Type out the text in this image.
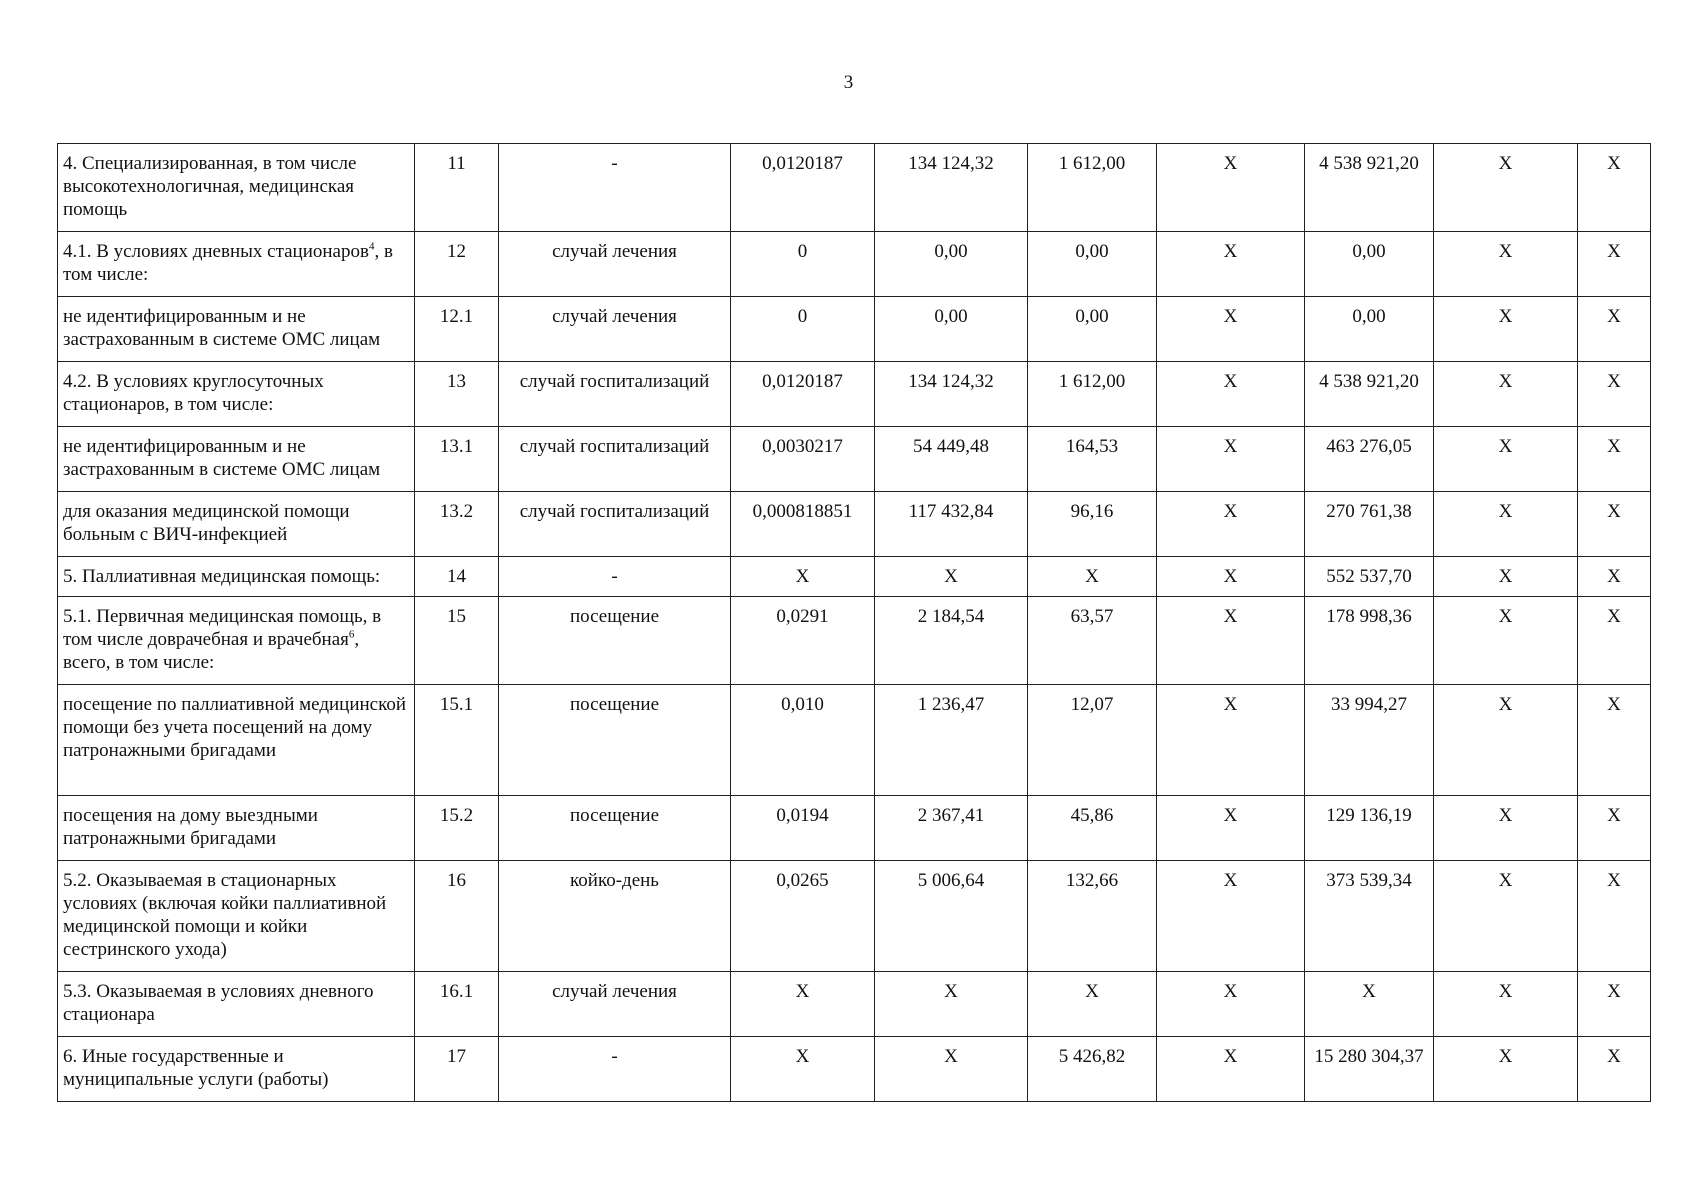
3
4. Специализированная, в том числе высокотехнологичная, медицинская помощь	11	-	0,0120187	134 124,32	1 612,00	X	4 538 921,20	X	X
4.1. В условиях дневных стационаров$^4$, в том числе:	12	случай лечения	0	0,00	0,00	X	0,00	X	X
не идентифицированным и не застрахованным в системе ОМС лицам	12.1	случай лечения	0	0,00	0,00	X	0,00	X	X
4.2. В условиях круглосуточных стационаров, в том числе:	13	случай госпитализаций	0,0120187	134 124,32	1 612,00	X	4 538 921,20	X	X
не идентифицированным и не застрахованным в системе ОМС лицам	13.1	случай госпитализаций	0,0030217	54 449,48	164,53	X	463 276,05	X	X
для оказания медицинской помощи больным с ВИЧ-инфекцией	13.2	случай госпитализаций	0,000818851	117 432,84	96,16	X	270 761,38	X	X
5. Паллиативная медицинская помощь:	14	-	X	X	X	X	552 537,70	X	X
5.1. Первичная медицинская помощь, в том числе доврачебная и врачебная$^6$, всего, в том числе:	15	посещение	0,0291	2 184,54	63,57	X	178 998,36	X	X
посещение по паллиативной медицинской помощи без учета посещений на дому патронажными бригадами	15.1	посещение	0,010	1 236,47	12,07	X	33 994,27	X	X
посещения на дому выездными патронажными бригадами	15.2	посещение	0,0194	2 367,41	45,86	X	129 136,19	X	X
5.2. Оказываемая в стационарных условиях (включая койки паллиативной медицинской помощи и койки сестринского ухода)	16	койко-день	0,0265	5 006,64	132,66	X	373 539,34	X	X
5.3. Оказываемая в условиях дневного стационара	16.1	случай лечения	X	X	X	X	X	X	X
6. Иные государственные и муниципальные услуги (работы)	17	-	X	X	5 426,82	X	15 280 304,37	X	X
